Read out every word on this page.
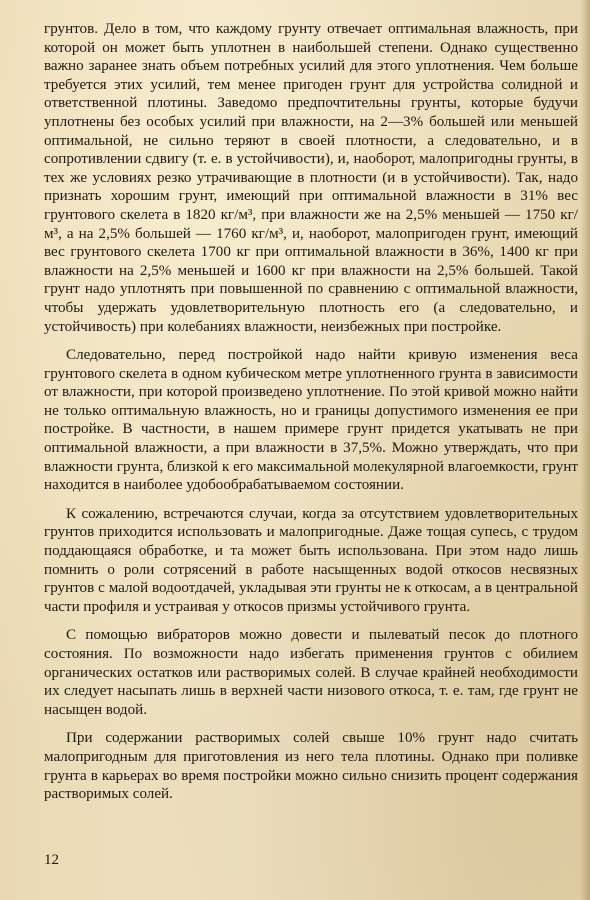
грунтов. Дело в том, что каждому грунту отвечает оптимальная влажность, при которой он может быть уплотнен в наибольшей степени. Однако существенно важно заранее знать объем потребных усилий для этого уплотнения. Чем больше требуется этих усилий, тем менее пригоден грунт для устройства солидной и ответственной плотины. Заведомо предпочтительны грунты, которые будучи уплотнены без особых усилий при влажности, на 2—3% большей или меньшей оптимальной, не сильно теряют в своей плотности, а следовательно, и в сопротивлении сдвигу (т. е. в устойчивости), и, наоборот, малопригодны грунты, в тех же условиях резко утрачивающие в плотности (и в устойчивости). Так, надо признать хорошим грунт, имеющий при оптимальной влажности в 31% вес грунтового скелета в 1820 кг/м³, при влажности же на 2,5% меньшей — 1750 кг/м³, а на 2,5% большей — 1760 кг/м³, и, наоборот, малопригоден грунт, имеющий вес грунтового скелета 1700 кг при оптимальной влажности в 36%, 1400 кг при влажности на 2,5% меньшей и 1600 кг при влажности на 2,5% большей. Такой грунт надо уплотнять при повышенной по сравнению с оптимальной влажности, чтобы удержать удовлетворительную плотность его (а следовательно, и устойчивость) при колебаниях влажности, неизбежных при постройке.

Следовательно, перед постройкой надо найти кривую изменения веса грунтового скелета в одном кубическом метре уплотненного грунта в зависимости от влажности, при которой произведено уплотнение. По этой кривой можно найти не только оптимальную влажность, но и границы допустимого изменения ее при постройке. В частности, в нашем примере грунт придется укатывать не при оптимальной влажности, а при влажности в 37,5%. Можно утверждать, что при влажности грунта, близкой к его максимальной молекулярной влагоемкости, грунт находится в наиболее удобообрабатываемом состоянии.

К сожалению, встречаются случаи, когда за отсутствием удовлетворительных грунтов приходится использовать и малопригодные. Даже тощая супесь, с трудом поддающаяся обработке, и та может быть использована. При этом надо лишь помнить о роли сотрясений в работе насыщенных водой откосов несвязных грунтов с малой водоотдачей, укладывая эти грунты не к откосам, а в центральной части профиля и устраивая у откосов призмы устойчивого грунта.

С помощью вибраторов можно довести и пылеватый песок до плотного состояния. По возможности надо избегать применения грунтов с обилием органических остатков или растворимых солей. В случае крайней необходимости их следует насыпать лишь в верхней части низового откоса, т. е. там, где грунт не насыщен водой.

При содержании растворимых солей свыше 10% грунт надо считать малопригодным для приготовления из него тела плотины. Однако при поливке грунта в карьерах во время постройки можно сильно снизить процент содержания растворимых солей.

12
